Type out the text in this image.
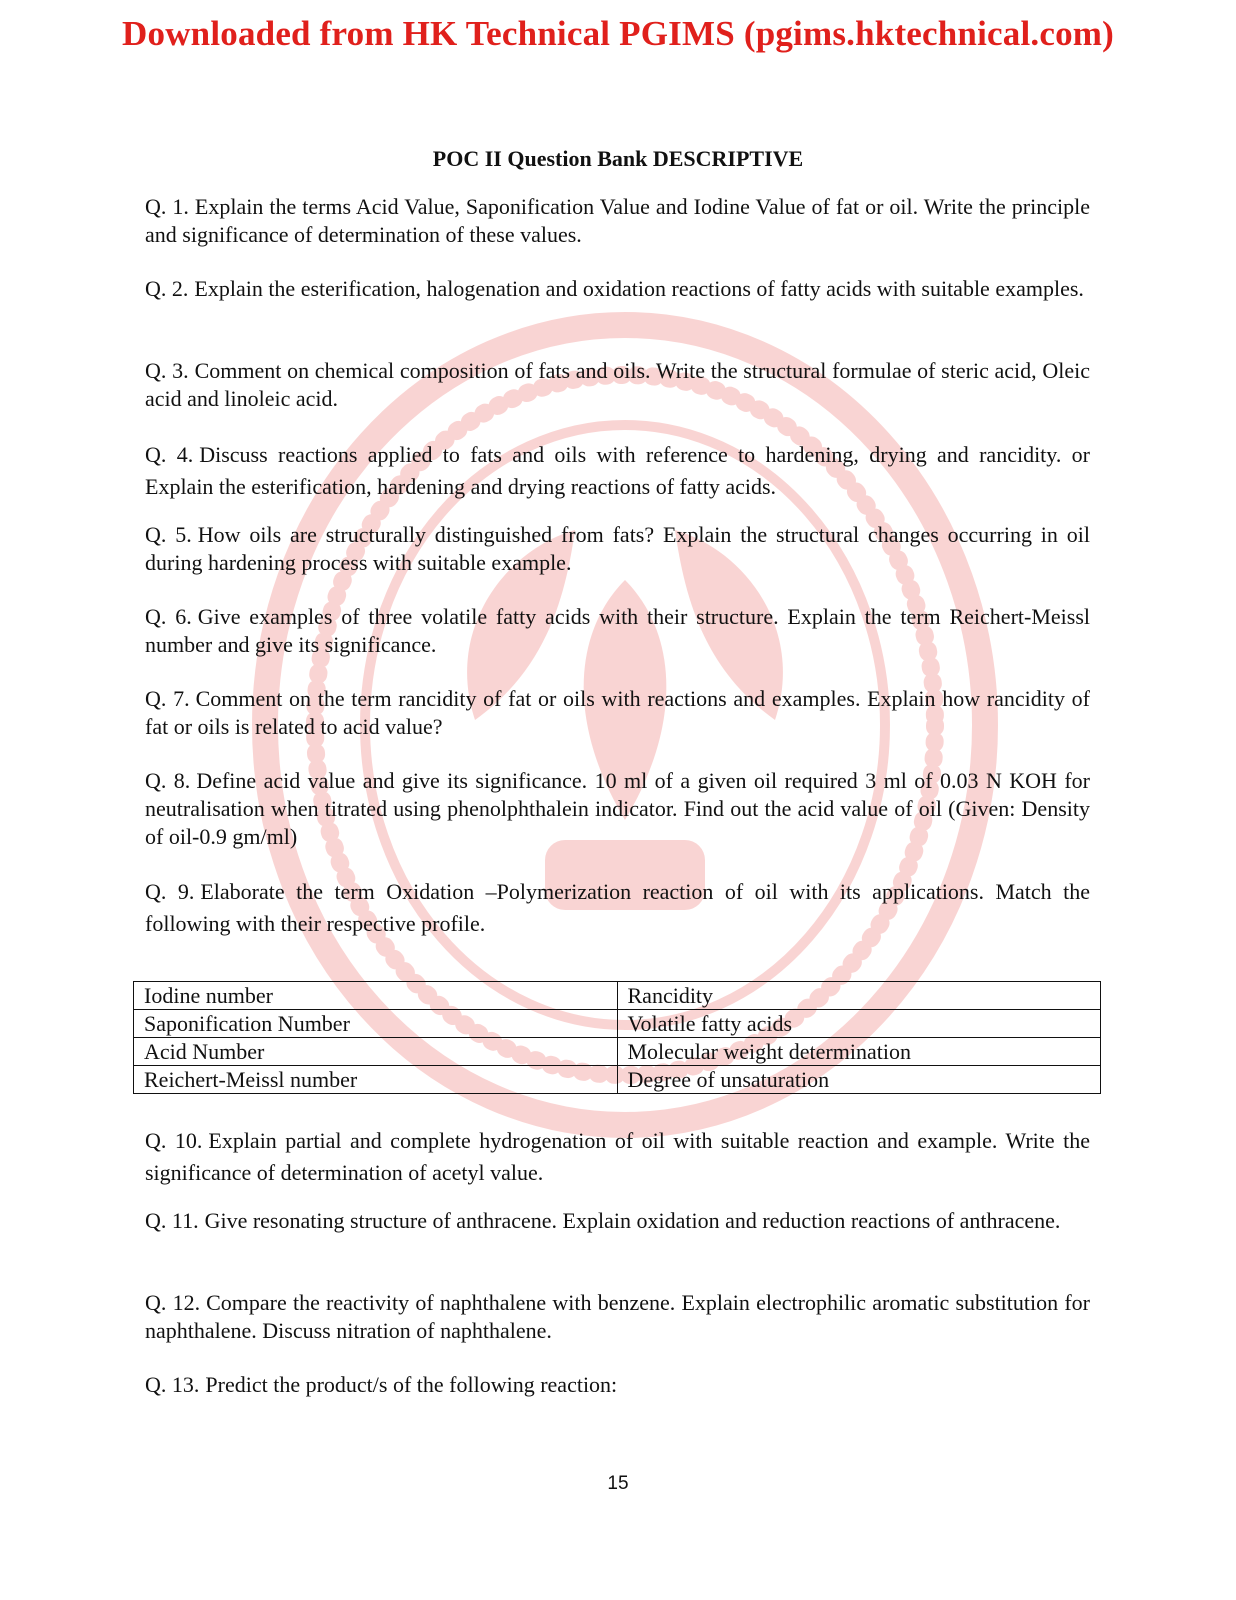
Downloaded from HK Technical PGIMS (pgims.hktechnical.com)
POC II Question Bank DESCRIPTIVE
Q. 1. Explain the terms Acid Value, Saponification Value and Iodine Value of fat or oil. Write the principle and significance of determination of these values.
Q. 2. Explain the esterification, halogenation and oxidation reactions of fatty acids with suitable examples.
Q. 3. Comment on chemical composition of fats and oils. Write the structural formulae of steric acid, Oleic acid and linoleic acid.
Q. 4. Discuss reactions applied to fats and oils with reference to hardening, drying and rancidity. or Explain the esterification, hardening and drying reactions of fatty acids.
Q. 5. How oils are structurally distinguished from fats? Explain the structural changes occurring in oil during hardening process with suitable example.
Q. 6. Give examples of three volatile fatty acids with their structure. Explain the term Reichert-Meissl number and give its significance.
Q. 7. Comment on the term rancidity of fat or oils with reactions and examples. Explain how rancidity of fat or oils is related to acid value?
Q. 8. Define acid value and give its significance. 10 ml of a given oil required 3 ml of 0.03 N KOH for neutralisation when titrated using phenolphthalein indicator. Find out the acid value of oil (Given: Density of oil-0.9 gm/ml)
Q. 9. Elaborate the term Oxidation –Polymerization reaction of oil with its applications. Match the following with their respective profile.
Iodine number	Rancidity
Saponification Number	Volatile fatty acids
Acid Number	Molecular weight determination
Reichert-Meissl number	Degree of unsaturation
Q. 10. Explain partial and complete hydrogenation of oil with suitable reaction and example. Write the significance of determination of acetyl value.
Q. 11. Give resonating structure of anthracene. Explain oxidation and reduction reactions of anthracene.
Q. 12. Compare the reactivity of naphthalene with benzene. Explain electrophilic aromatic substitution for naphthalene. Discuss nitration of naphthalene.
Q. 13. Predict the product/s of the following reaction:
15
